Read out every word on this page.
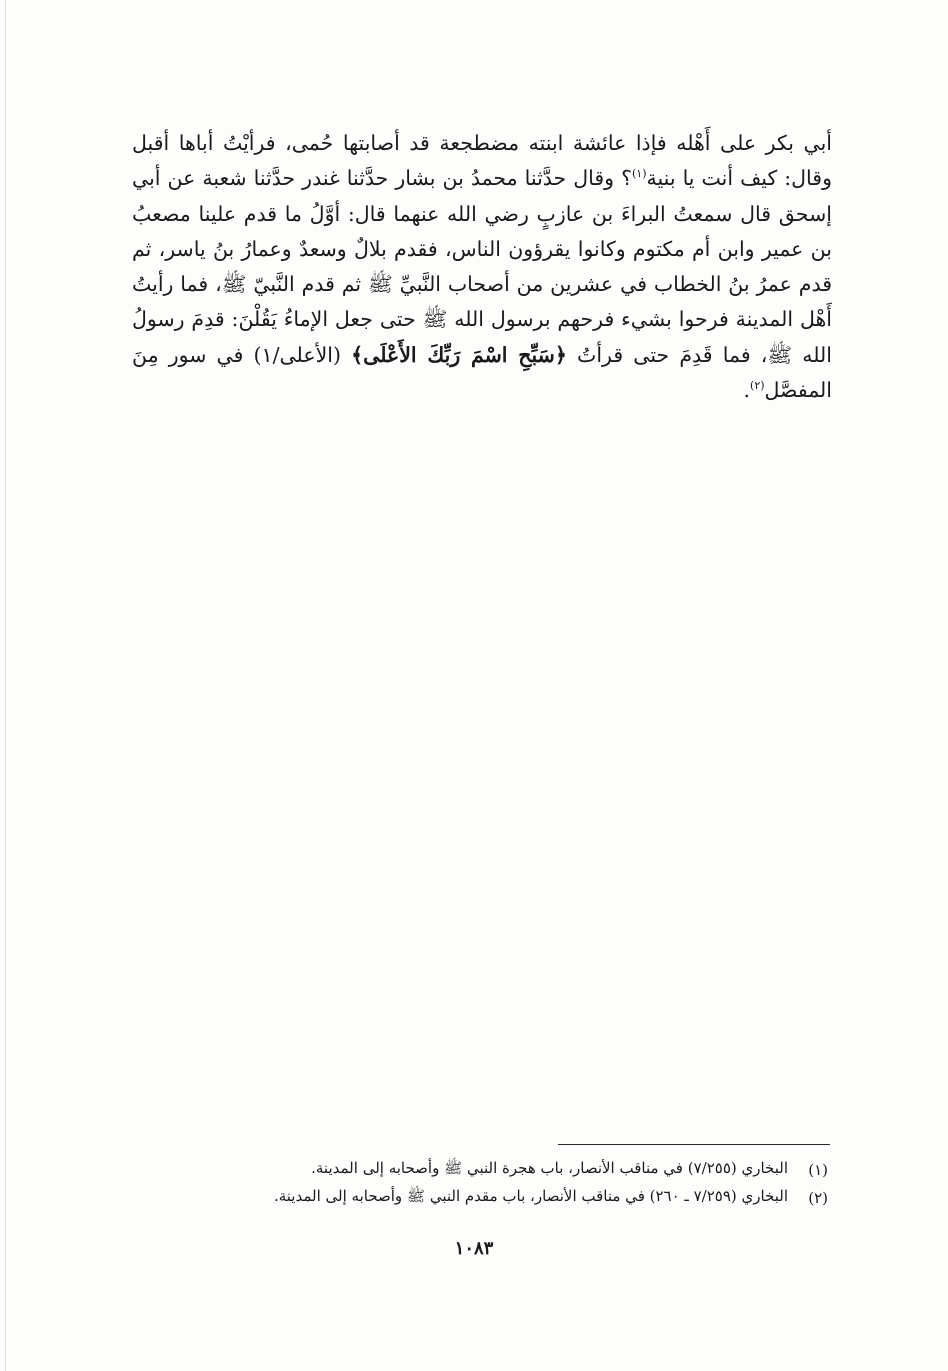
أبي بكر على أَهْله فإذا عائشة ابنته مضطجعة قد أصابتها حُمى، فرأيْتُ أباها أقبل وقال: كيف أنت يا بنية$^{(١)}$؟ وقال حدَّثنا محمدُ بن بشار حدَّثنا غندر حدَّثنا شعبة عن أبي إسحق قال سمعتُ البراءَ بن عازبٍ رضي الله عنهما قال: أوَّلُ ما قدم علينا مصعبُ بن عمير وابن أم مكتوم وكانوا يقرؤون الناس، فقدم بلالٌ وسعدٌ وعمارُ بنُ ياسر، ثم قدم عمرُ بنُ الخطاب في عشرين من أصحاب النَّبيِّ ﷺ ثم قدم النَّبيّ ﷺ، فما رأيتُ أَهْل المدينة فرحوا بشيء فرحهم برسول الله ﷺ حتى جعل الإماءُ يَقُلْنَ: قدِمَ رسولُ الله ﷺ، فما قَدِمَ حتى قرأتُ ﴿سَبِّحِ اسْمَ رَبِّكَ الأَعْلَى﴾ (الأعلى/١) في سور مِنَ المفصَّل$^{(٢)}$.
(١)
البخاري (٧/٢٥٥) في مناقب الأنصار، باب هجرة النبي ﷺ وأصحابه إلى المدينة.
(٢)
البخاري (٧/٢٥٩ ـ ٢٦٠) في مناقب الأنصار، باب مقدم النبي ﷺ وأصحابه إلى المدينة.
١٠٨٣
